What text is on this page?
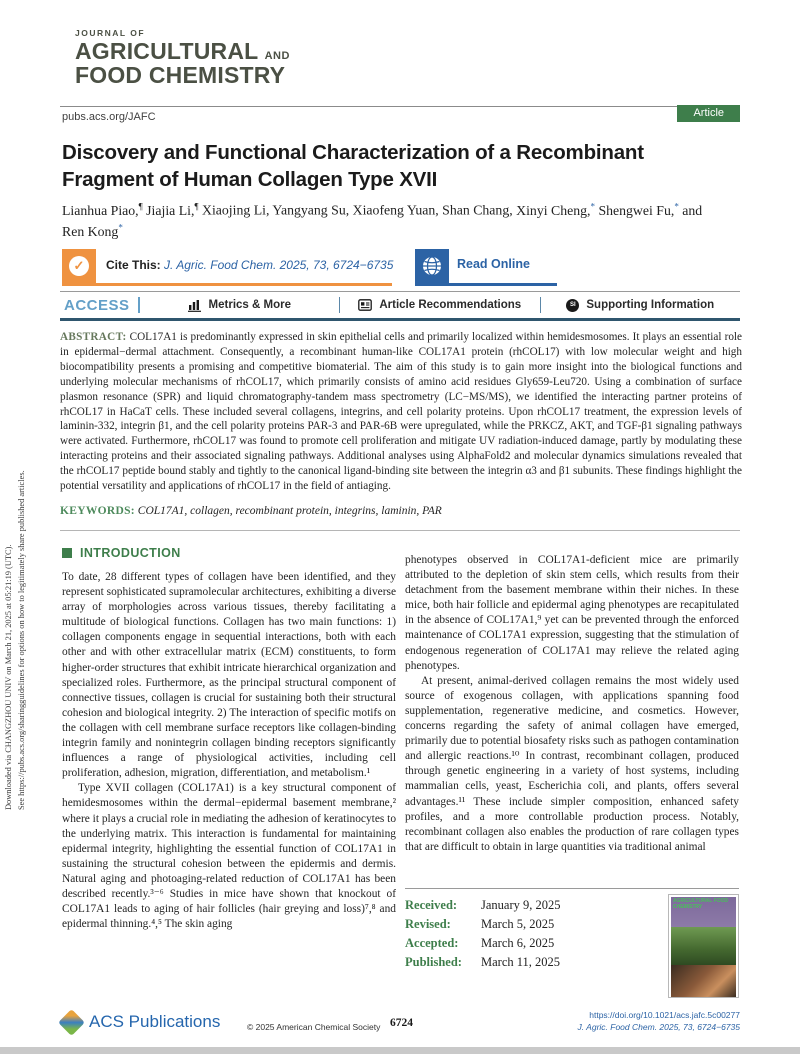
Downloaded via CHANGZHOU UNIV on March 21, 2025 at 05:21:19 (UTC). See https://pubs.acs.org/sharingguidelines for options on how to legitimately share published articles.
JOURNAL OF
AGRICULTURAL AND
FOOD CHEMISTRY
pubs.acs.org/JAFC	Article
Discovery and Functional Characterization of a Recombinant Fragment of Human Collagen Type XVII
Lianhua Piao,¶ Jiajia Li,¶ Xiaojing Li, Yangyang Su, Xiaofeng Yuan, Shan Chang, Xinyi Cheng,* Shengwei Fu,* and Ren Kong*
✓	Cite This: J. Agric. Food Chem. 2025, 73, 6724−6735	Read Online
ACCESS	Metrics & More	Article Recommendations	SI Supporting Information
ABSTRACT: COL17A1 is predominantly expressed in skin epithelial cells and primarily localized within hemidesmosomes. It plays an essential role in epidermal−dermal attachment. Consequently, a recombinant human-like COL17A1 protein (rhCOL17) with low molecular weight and high biocompatibility presents a promising and competitive biomaterial. The aim of this study is to gain more insight into the biological functions and underlying molecular mechanisms of rhCOL17, which primarily consists of amino acid residues Gly659-Leu720. Using a combination of surface plasmon resonance (SPR) and liquid chromatography-tandem mass spectrometry (LC−MS/MS), we identified the interacting partner proteins of rhCOL17 in HaCaT cells. These included several collagens, integrins, and cell polarity proteins. Upon rhCOL17 treatment, the expression levels of laminin-332, integrin β1, and the cell polarity proteins PAR-3 and PAR-6B were upregulated, while the PRKCZ, AKT, and TGF-β1 signaling pathways were activated. Furthermore, rhCOL17 was found to promote cell proliferation and mitigate UV radiation-induced damage, partly by modulating these interacting proteins and their associated signaling pathways. Additional analyses using AlphaFold2 and molecular dynamics simulations revealed that the rhCOL17 peptide bound stably and tightly to the canonical ligand-binding site between the integrin α3 and β1 subunits. These findings highlight the potential versatility and applications of rhCOL17 in the field of antiaging.
KEYWORDS: COL17A1, collagen, recombinant protein, integrins, laminin, PAR
INTRODUCTION

To date, 28 different types of collagen have been identified, and they represent sophisticated supramolecular architectures, exhibiting a diverse array of morphologies across various tissues, thereby facilitating a multitude of biological functions. Collagen has two main functions: 1) collagen components engage in sequential interactions, both with each other and with other extracellular matrix (ECM) constituents, to form higher-order structures that exhibit intricate hierarchical organization and specialized roles. Furthermore, as the principal structural component of connective tissues, collagen is crucial for sustaining both their structural cohesion and biological integrity. 2) The interaction of specific motifs on the collagen with cell membrane surface receptors like collagen-binding integrin family and nonintegrin collagen binding receptors significantly influences a range of physiological activities, including cell proliferation, adhesion, migration, differentiation, and metabolism.¹

Type XVII collagen (COL17A1) is a key structural component of hemidesmosomes within the dermal−epidermal basement membrane,² where it plays a crucial role in mediating the adhesion of keratinocytes to the underlying matrix. This interaction is fundamental for maintaining epidermal integrity, highlighting the essential function of COL17A1 in sustaining the structural cohesion between the epidermis and dermis. Natural aging and photoaging-related reduction of COL17A1 has been described recently.³⁻⁶ Studies in mice have shown that knockout of COL17A1 leads to aging of hair follicles (hair greying and loss)⁷,⁸ and epidermal thinning.⁴,⁵ The skin aging

phenotypes observed in COL17A1-deficient mice are primarily attributed to the depletion of skin stem cells, which results from their detachment from the basement membrane within their niches. In these mice, both hair follicle and epidermal aging phenotypes are recapitulated in the absence of COL17A1,⁹ yet can be prevented through the enforced maintenance of COL17A1 expression, suggesting that the stimulation of endogenous regeneration of COL17A1 may relieve the related aging phenotypes.

At present, animal-derived collagen remains the most widely used source of exogenous collagen, with applications spanning food supplementation, regenerative medicine, and cosmetics. However, concerns regarding the safety of animal collagen have emerged, primarily due to potential biosafety risks such as pathogen contamination and allergic reactions.¹⁰ In contrast, recombinant collagen, produced through genetic engineering in a variety of host systems, including mammalian cells, yeast, Escherichia coli, and plants, offers several advantages.¹¹ These include simpler composition, enhanced safety profiles, and a more controllable production process. Notably, recombinant collagen also enables the production of rare collagen types that are difficult to obtain in large quantities via traditional animal

Received: January 9, 2025
Revised: March 5, 2025
Accepted: March 6, 2025
Published: March 11, 2025
AGRICULTURAL FOOD CHEMISTRY
ACS Publications	© 2025 American Chemical Society 6724
https://doi.org/10.1021/acs.jafc.5c00277
J. Agric. Food Chem. 2025, 73, 6724−6735
